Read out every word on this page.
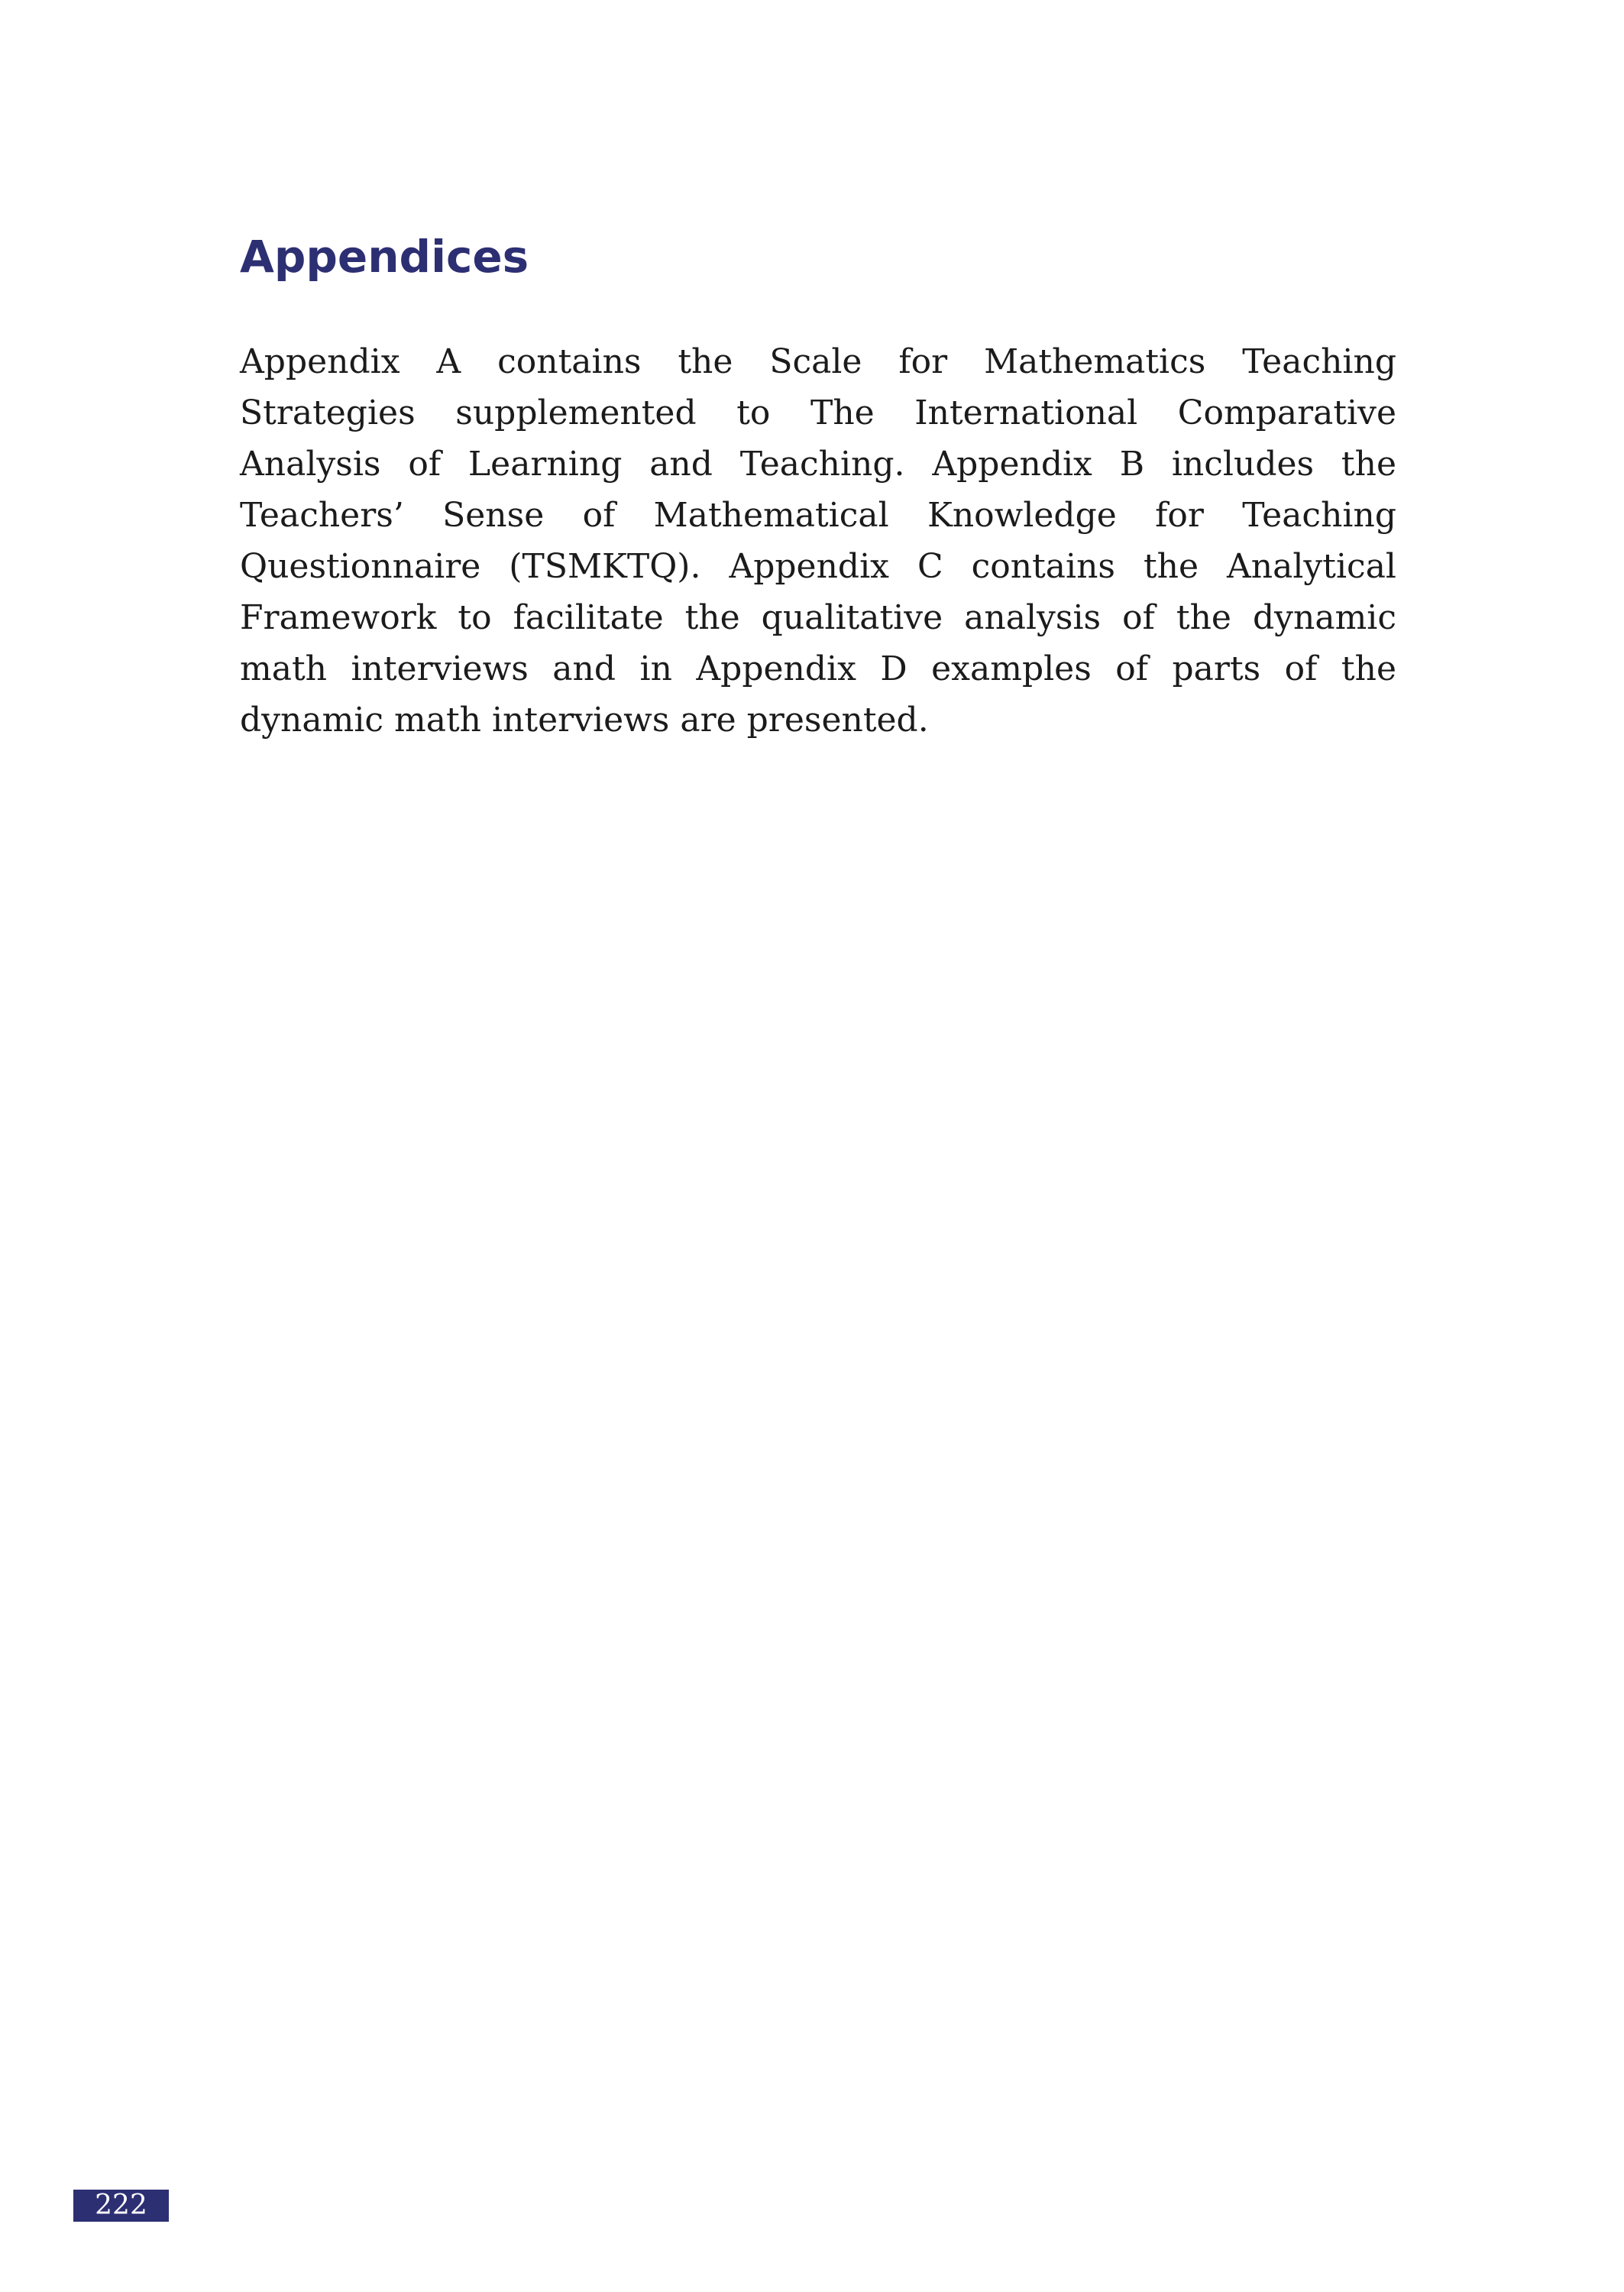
Appendices

Appendix A contains the Scale for Mathematics Teaching Strategies supplemented to The International Comparative Analysis of Learning and Teaching. Appendix B includes the Teachers’ Sense of Mathematical Knowledge for Teaching Questionnaire (TSMKTQ). Appendix C contains the Analytical Framework to facilitate the qualitative analysis of the dynamic math interviews and in Appendix D examples of parts of the dynamic math interviews are presented.

222
